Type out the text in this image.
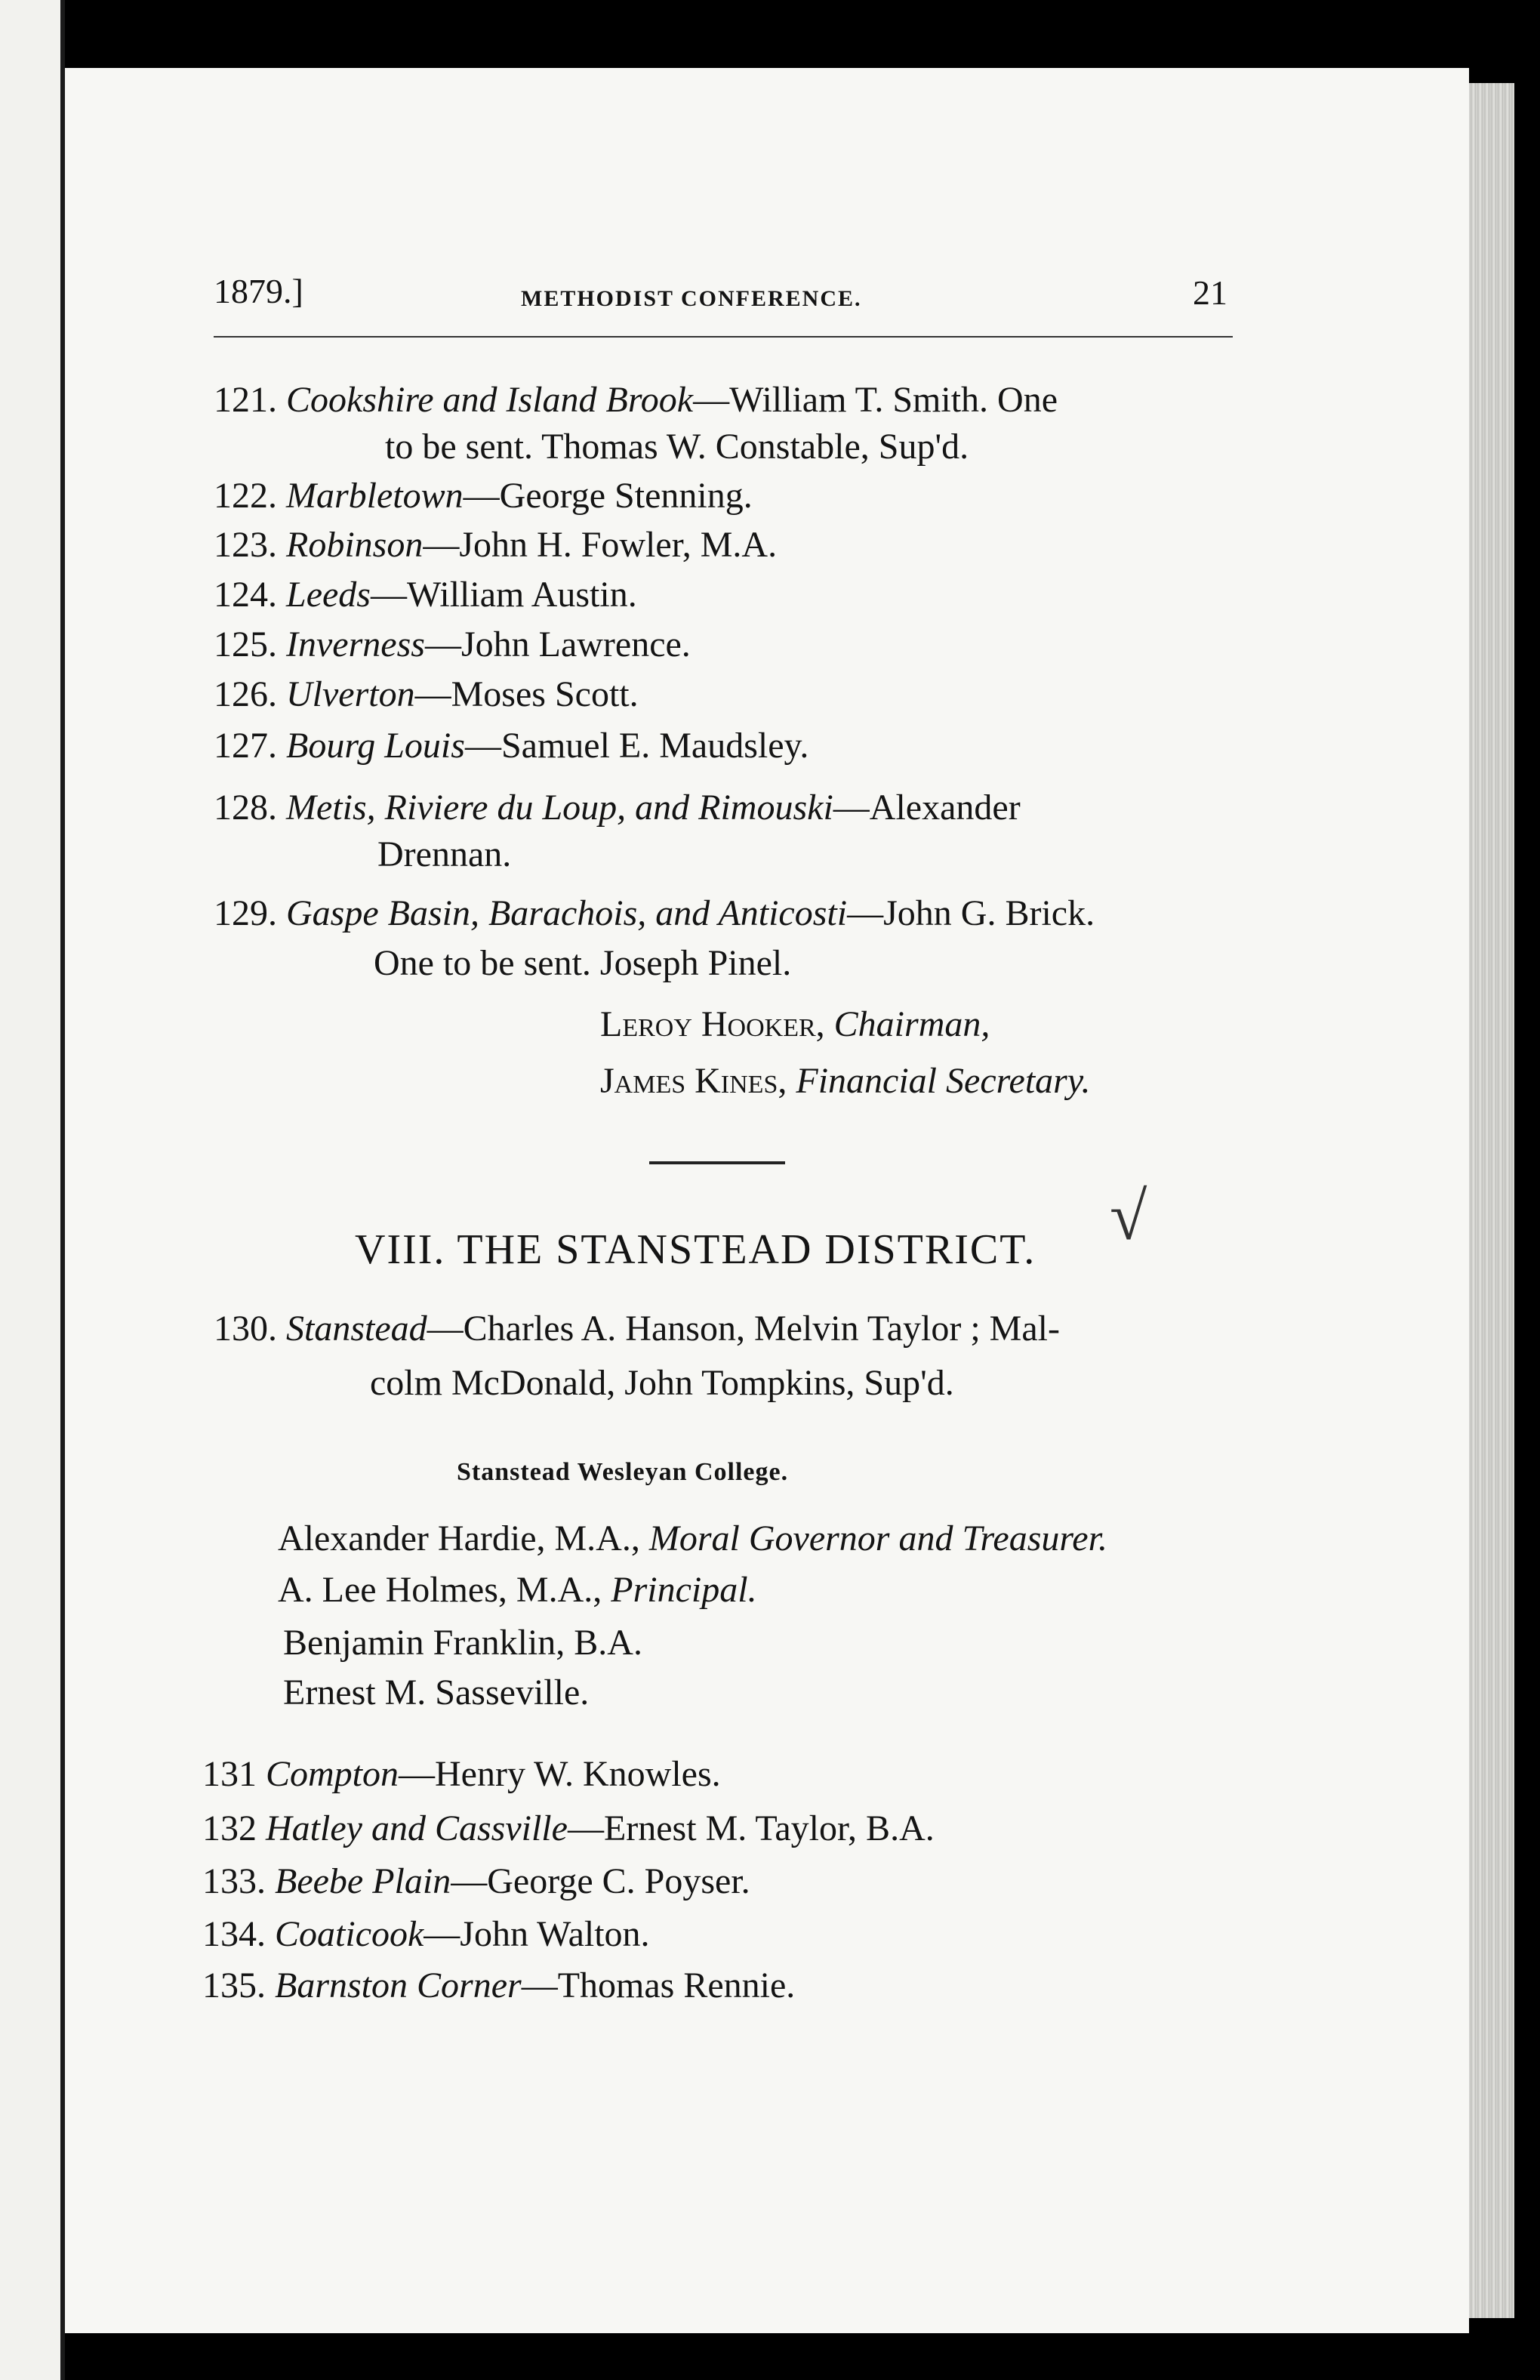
1879.]	METHODIST CONFERENCE.	21
121. Cookshire and Island Brook—William T. Smith. One
to be sent. Thomas W. Constable, Sup'd.
122. Marbletown—George Stenning.
123. Robinson—John H. Fowler, M.A.
124. Leeds—William Austin.
125. Inverness—John Lawrence.
126. Ulverton—Moses Scott.
127. Bourg Louis—Samuel E. Maudsley.
128. Metis, Riviere du Loup, and Rimouski—Alexander
Drennan.
129. Gaspe Basin, Barachois, and Anticosti—John G. Brick.
One to be sent. Joseph Pinel.
Leroy Hooker, Chairman,
James Kines, Financial Secretary.
VIII. THE STANSTEAD DISTRICT. √
130. Stanstead—Charles A. Hanson, Melvin Taylor ; Mal-
colm McDonald, John Tompkins, Sup'd.
Stanstead Wesleyan College.
Alexander Hardie, M.A., Moral Governor and Treasurer.
A. Lee Holmes, M.A., Principal.
Benjamin Franklin, B.A.
Ernest M. Sasseville.
131 Compton—Henry W. Knowles.
132 Hatley and Cassville—Ernest M. Taylor, B.A.
133. Beebe Plain—George C. Poyser.
134. Coaticook—John Walton.
135. Barnston Corner—Thomas Rennie.
